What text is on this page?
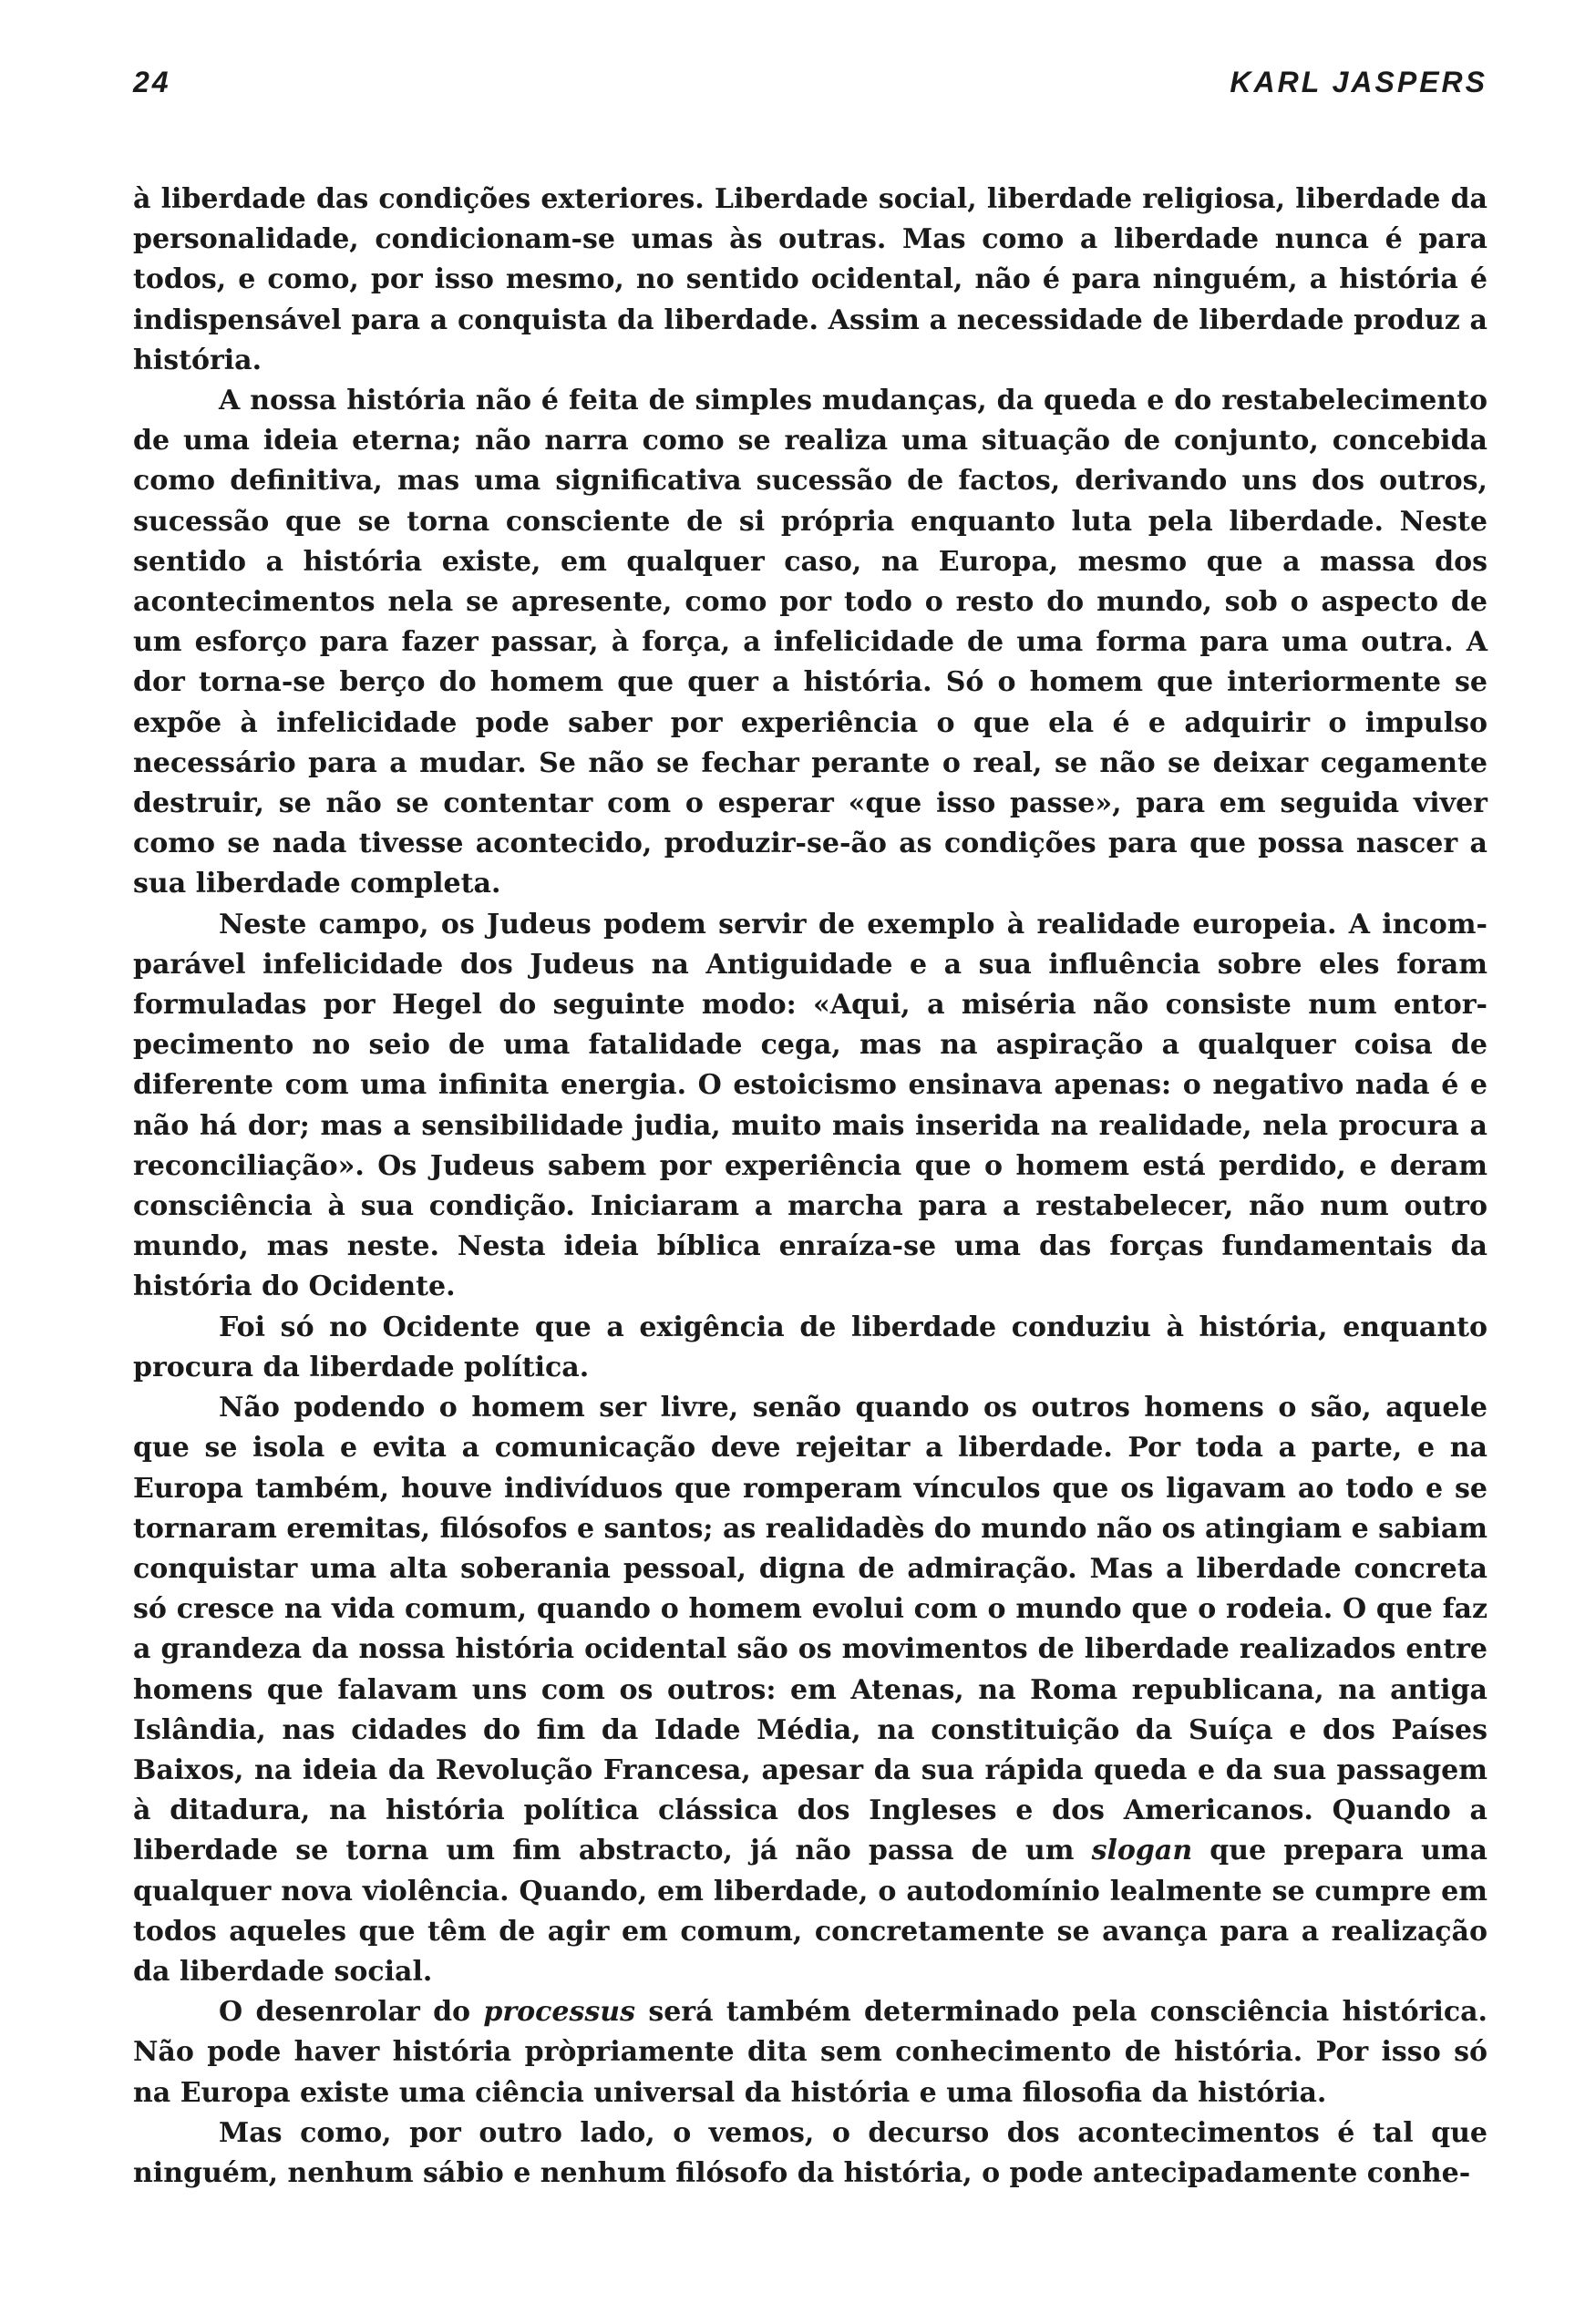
24	KARL JASPERS

à liberdade das condições exteriores. Liberdade social, liberdade religiosa, liberdade da personalidade, condicionam-se umas às outras. Mas como a liberdade nunca é para todos, e como, por isso mesmo, no sentido ocidental, não é para ninguém, a história é indispensável para a conquista da liberdade. Assim a necessidade de liberdade produz a história.

A nossa história não é feita de simples mudanças, da queda e do restabelecimento de uma ideia eterna; não narra como se realiza uma situação de conjunto, concebida como definitiva, mas uma significativa sucessão de factos, derivando uns dos outros, sucessão que se torna consciente de si própria enquanto luta pela liberdade. Neste sentido a história existe, em qualquer caso, na Europa, mesmo que a massa dos acontecimentos nela se apresente, como por todo o resto do mundo, sob o aspecto de um esforço para fazer passar, à força, a infelicidade de uma forma para uma outra. A dor torna-se berço do homem que quer a história. Só o homem que interiormente se expõe à infelicidade pode saber por experiência o que ela é e adquirir o impulso necessário para a mudar. Se não se fechar perante o real, se não se deixar cegamente destruir, se não se contentar com o esperar «que isso passe», para em seguida viver como se nada tivesse acontecido, produzir-se-ão as condições para que possa nascer a sua liberdade completa.

Neste campo, os Judeus podem servir de exemplo à realidade europeia. A incomparável infelicidade dos Judeus na Antiguidade e a sua influência sobre eles foram formuladas por Hegel do seguinte modo: «Aqui, a miséria não consiste num entorpecimento no seio de uma fatalidade cega, mas na aspiração a qualquer coisa de diferente com uma infinita energia. O estoicismo ensinava apenas: o negativo nada é e não há dor; mas a sensibilidade judia, muito mais inserida na realidade, nela procura a reconciliação». Os Judeus sabem por experiência que o homem está perdido, e deram consciência à sua condição. Iniciaram a marcha para a restabelecer, não num outro mundo, mas neste. Nesta ideia bíblica enraíza-se uma das forças fundamentais da história do Ocidente.

Foi só no Ocidente que a exigência de liberdade conduziu à história, enquanto procura da liberdade política.

Não podendo o homem ser livre, senão quando os outros homens o são, aquele que se isola e evita a comunicação deve rejeitar a liberdade. Por toda a parte, e na Europa também, houve indivíduos que romperam vínculos que os ligavam ao todo e se tornaram eremitas, filósofos e santos; as realidadès do mundo não os atingiam e sabiam conquistar uma alta soberania pessoal, digna de admiração. Mas a liberdade concreta só cresce na vida comum, quando o homem evolui com o mundo que o rodeia. O que faz a grandeza da nossa história ocidental são os movimentos de liberdade realizados entre homens que falavam uns com os outros: em Atenas, na Roma republicana, na antiga Islândia, nas cidades do fim da Idade Média, na constituição da Suíça e dos Países Baixos, na ideia da Revolução Francesa, apesar da sua rápida queda e da sua passagem à ditadura, na história política clássica dos Ingleses e dos Americanos. Quando a liberdade se torna um fim abstracto, já não passa de um slogan que prepara uma qualquer nova violência. Quando, em liberdade, o autodomínio lealmente se cumpre em todos aqueles que têm de agir em comum, concretamente se avança para a realização da liberdade social.

O desenrolar do processus será também determinado pela consciência histórica. Não pode haver história pròpriamente dita sem conhecimento de história. Por isso só na Europa existe uma ciência universal da história e uma filosofia da história.

Mas como, por outro lado, o vemos, o decurso dos acontecimentos é tal que ninguém, nenhum sábio e nenhum filósofo da história, o pode antecipadamente conhe-
